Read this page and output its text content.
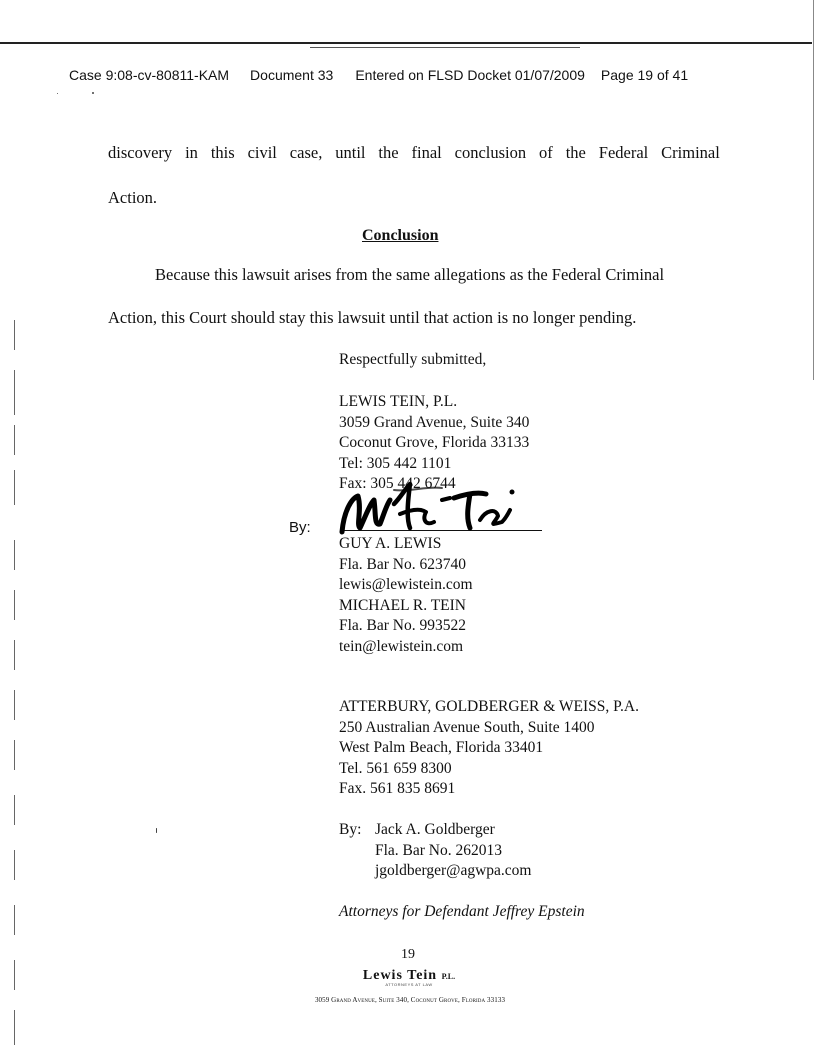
Case 9:08-cv-80811-KAM Document 33 Entered on FLSD Docket 01/07/2009 Page 19 of 41
discovery in this civil case, until the final conclusion of the Federal Criminal
Action.
Conclusion
Because this lawsuit arises from the same allegations as the Federal Criminal
Action, this Court should stay this lawsuit until that action is no longer pending.
Respectfully submitted,
LEWIS TEIN, P.L.
3059 Grand Avenue, Suite 340
Coconut Grove, Florida 33133
Tel: 305 442 1101
Fax: 305 442 6744
By:
GUY A. LEWIS
Fla. Bar No. 623740
lewis@lewistein.com
MICHAEL R. TEIN
Fla. Bar No. 993522
tein@lewistein.com
ATTERBURY, GOLDBERGER & WEISS, P.A.
250 Australian Avenue South, Suite 1400
West Palm Beach, Florida 33401
Tel. 561 659 8300
Fax. 561 835 8691
By: Jack A. Goldberger
Fla. Bar No. 262013
jgoldberger@agwpa.com
Attorneys for Defendant Jeffrey Epstein
19
Lewis Tein P.L.
ATTORNEYS AT LAW
3059 Grand Avenue, Suite 340, Coconut Grove, Florida 33133
